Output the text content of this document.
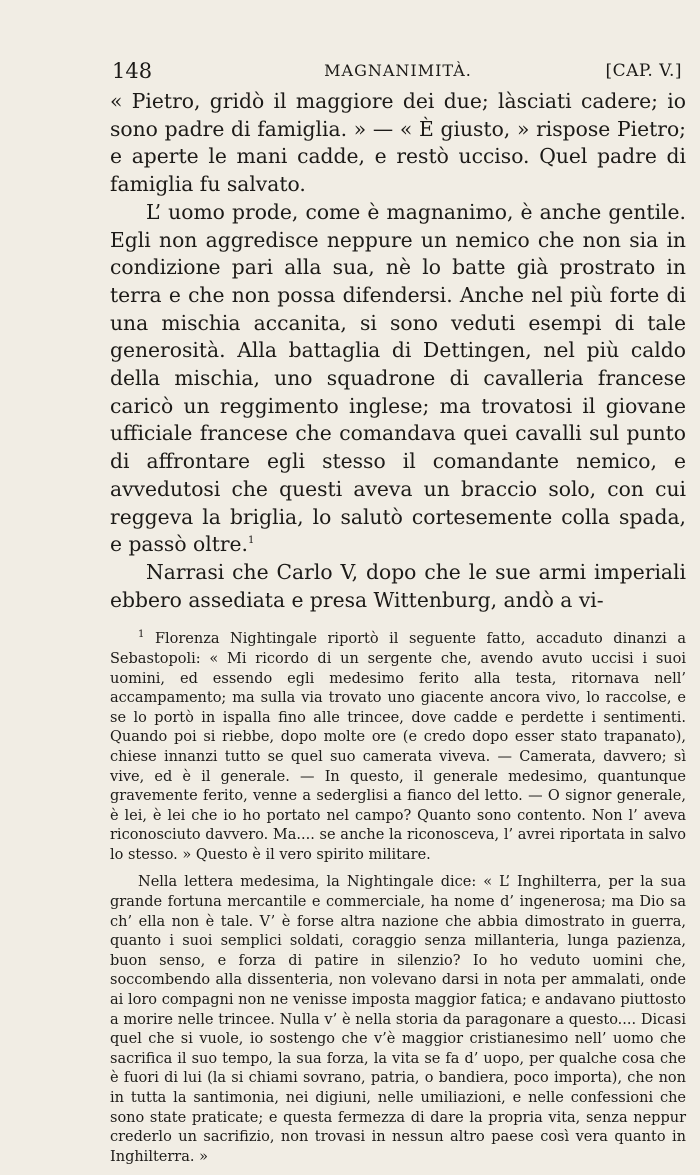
148	MAGNANIMITÀ.	[CAP. V.]

« Pietro, gridò il maggiore dei due; làsciati cadere; io sono padre di famiglia. » — « È giusto, » rispose Pietro; e aperte le mani cadde, e restò ucciso. Quel padre di famiglia fu salvato.

L’ uomo prode, come è magnanimo, è anche gentile. Egli non aggredisce neppure un nemico che non sia in condizione pari alla sua, nè lo batte già prostrato in terra e che non possa difendersi. Anche nel più forte di una mischia accanita, si sono veduti esempi di tale generosità. Alla battaglia di Dettingen, nel più caldo della mischia, uno squadrone di cavalleria francese caricò un reggimento inglese; ma trovatosi il giovane ufficiale francese che comandava quei cavalli sul punto di affrontare egli stesso il comandante nemico, e avvedutosi che questi aveva un braccio solo, con cui reggeva la briglia, lo salutò cortesemente colla spada, e passò oltre.$^1$

Narrasi che Carlo V, dopo che le sue armi imperiali ebbero assediata e presa Wittenburg, andò a vi-

$^1$ Florenza Nightingale riportò il seguente fatto, accaduto dinanzi a Sebastopoli: « Mi ricordo di un sergente che, avendo avuto uccisi i suoi uomini, ed essendo egli medesimo ferito alla testa, ritornava nell’ accampamento; ma sulla via trovato uno giacente ancora vivo, lo raccolse, e se lo portò in ispalla fino alle trincee, dove cadde e perdette i sentimenti. Quando poi si riebbe, dopo molte ore (e credo dopo esser stato trapanato), chiese innanzi tutto se quel suo camerata viveva. — Camerata, davvero; sì vive, ed è il generale. — In questo, il generale medesimo, quantunque gravemente ferito, venne a sederglisi a fianco del letto. — O signor generale, è lei, è lei che io ho portato nel campo? Quanto sono contento. Non l’ aveva riconosciuto davvero. Ma.... se anche la riconosceva, l’ avrei riportata in salvo lo stesso. » Questo è il vero spirito militare.

Nella lettera medesima, la Nightingale dice: « L’ Inghilterra, per la sua grande fortuna mercantile e commerciale, ha nome d’ ingenerosa; ma Dio sa ch’ ella non è tale. V’ è forse altra nazione che abbia dimostrato in guerra, quanto i suoi semplici soldati, coraggio senza millanteria, lunga pazienza, buon senso, e forza di patire in silenzio? Io ho veduto uomini che, soccombendo alla dissenteria, non volevano darsi in nota per ammalati, onde ai loro compagni non ne venisse imposta maggior fatica; e andavano piuttosto a morire nelle trincee. Nulla v’ è nella storia da paragonare a questo.... Dicasi quel che si vuole, io sostengo che v’è maggior cristianesimo nell’ uomo che sacrifica il suo tempo, la sua forza, la vita se fa d’ uopo, per qualche cosa che è fuori di lui (la si chiami sovrano, patria, o bandiera, poco importa), che non in tutta la santimonia, nei digiuni, nelle umiliazioni, e nelle confessioni che sono state praticate; e questa fermezza di dare la propria vita, senza neppur crederlo un sacrifizio, non trovasi in nessun altro paese così vera quanto in Inghilterra. »
